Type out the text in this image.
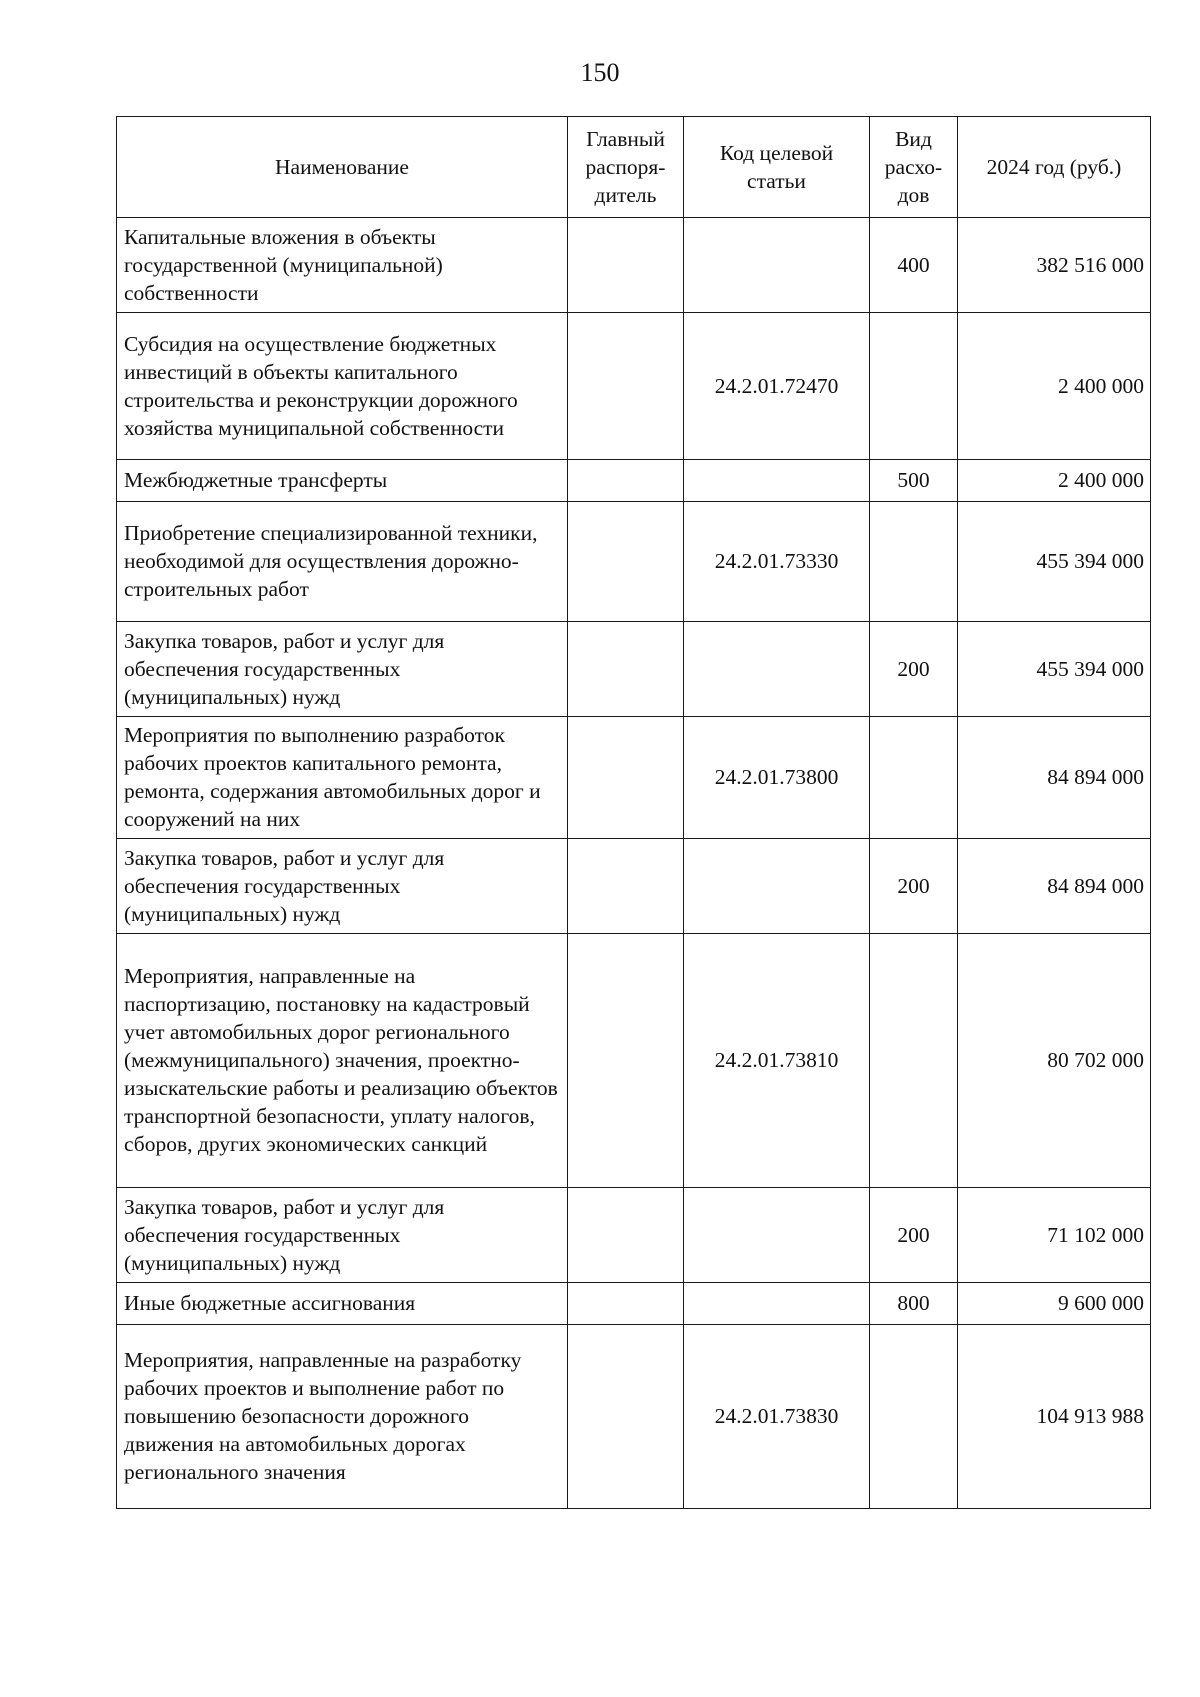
150
Наименование	Главный распоря-дитель	Код целевой статьи	Вид расхо-дов	2024 год (руб.)
Капитальные вложения в объекты государственной (муниципальной) собственности			400	382 516 000
Субсидия на осуществление бюджетных инвестиций в объекты капитального строительства и реконструкции дорожного хозяйства муниципальной собственности		24.2.01.72470		2 400 000
Межбюджетные трансферты			500	2 400 000
Приобретение специализированной техники, необходимой для осуществления дорожно-строительных работ		24.2.01.73330		455 394 000
Закупка товаров, работ и услуг для обеспечения государственных (муниципальных) нужд			200	455 394 000
Мероприятия по выполнению разработок рабочих проектов капитального ремонта, ремонта, содержания автомобильных дорог и сооружений на них		24.2.01.73800		84 894 000
Закупка товаров, работ и услуг для обеспечения государственных (муниципальных) нужд			200	84 894 000
Мероприятия, направленные на паспортизацию, постановку на кадастровый учет автомобильных дорог регионального (межмуниципального) значения, проектно-изыскательские работы и реализацию объектов транспортной безопасности, уплату налогов, сборов, других экономических санкций		24.2.01.73810		80 702 000
Закупка товаров, работ и услуг для обеспечения государственных (муниципальных) нужд			200	71 102 000
Иные бюджетные ассигнования			800	9 600 000
Мероприятия, направленные на разработку рабочих проектов и выполнение работ по повышению безопасности дорожного движения на автомобильных дорогах регионального значения		24.2.01.73830		104 913 988
